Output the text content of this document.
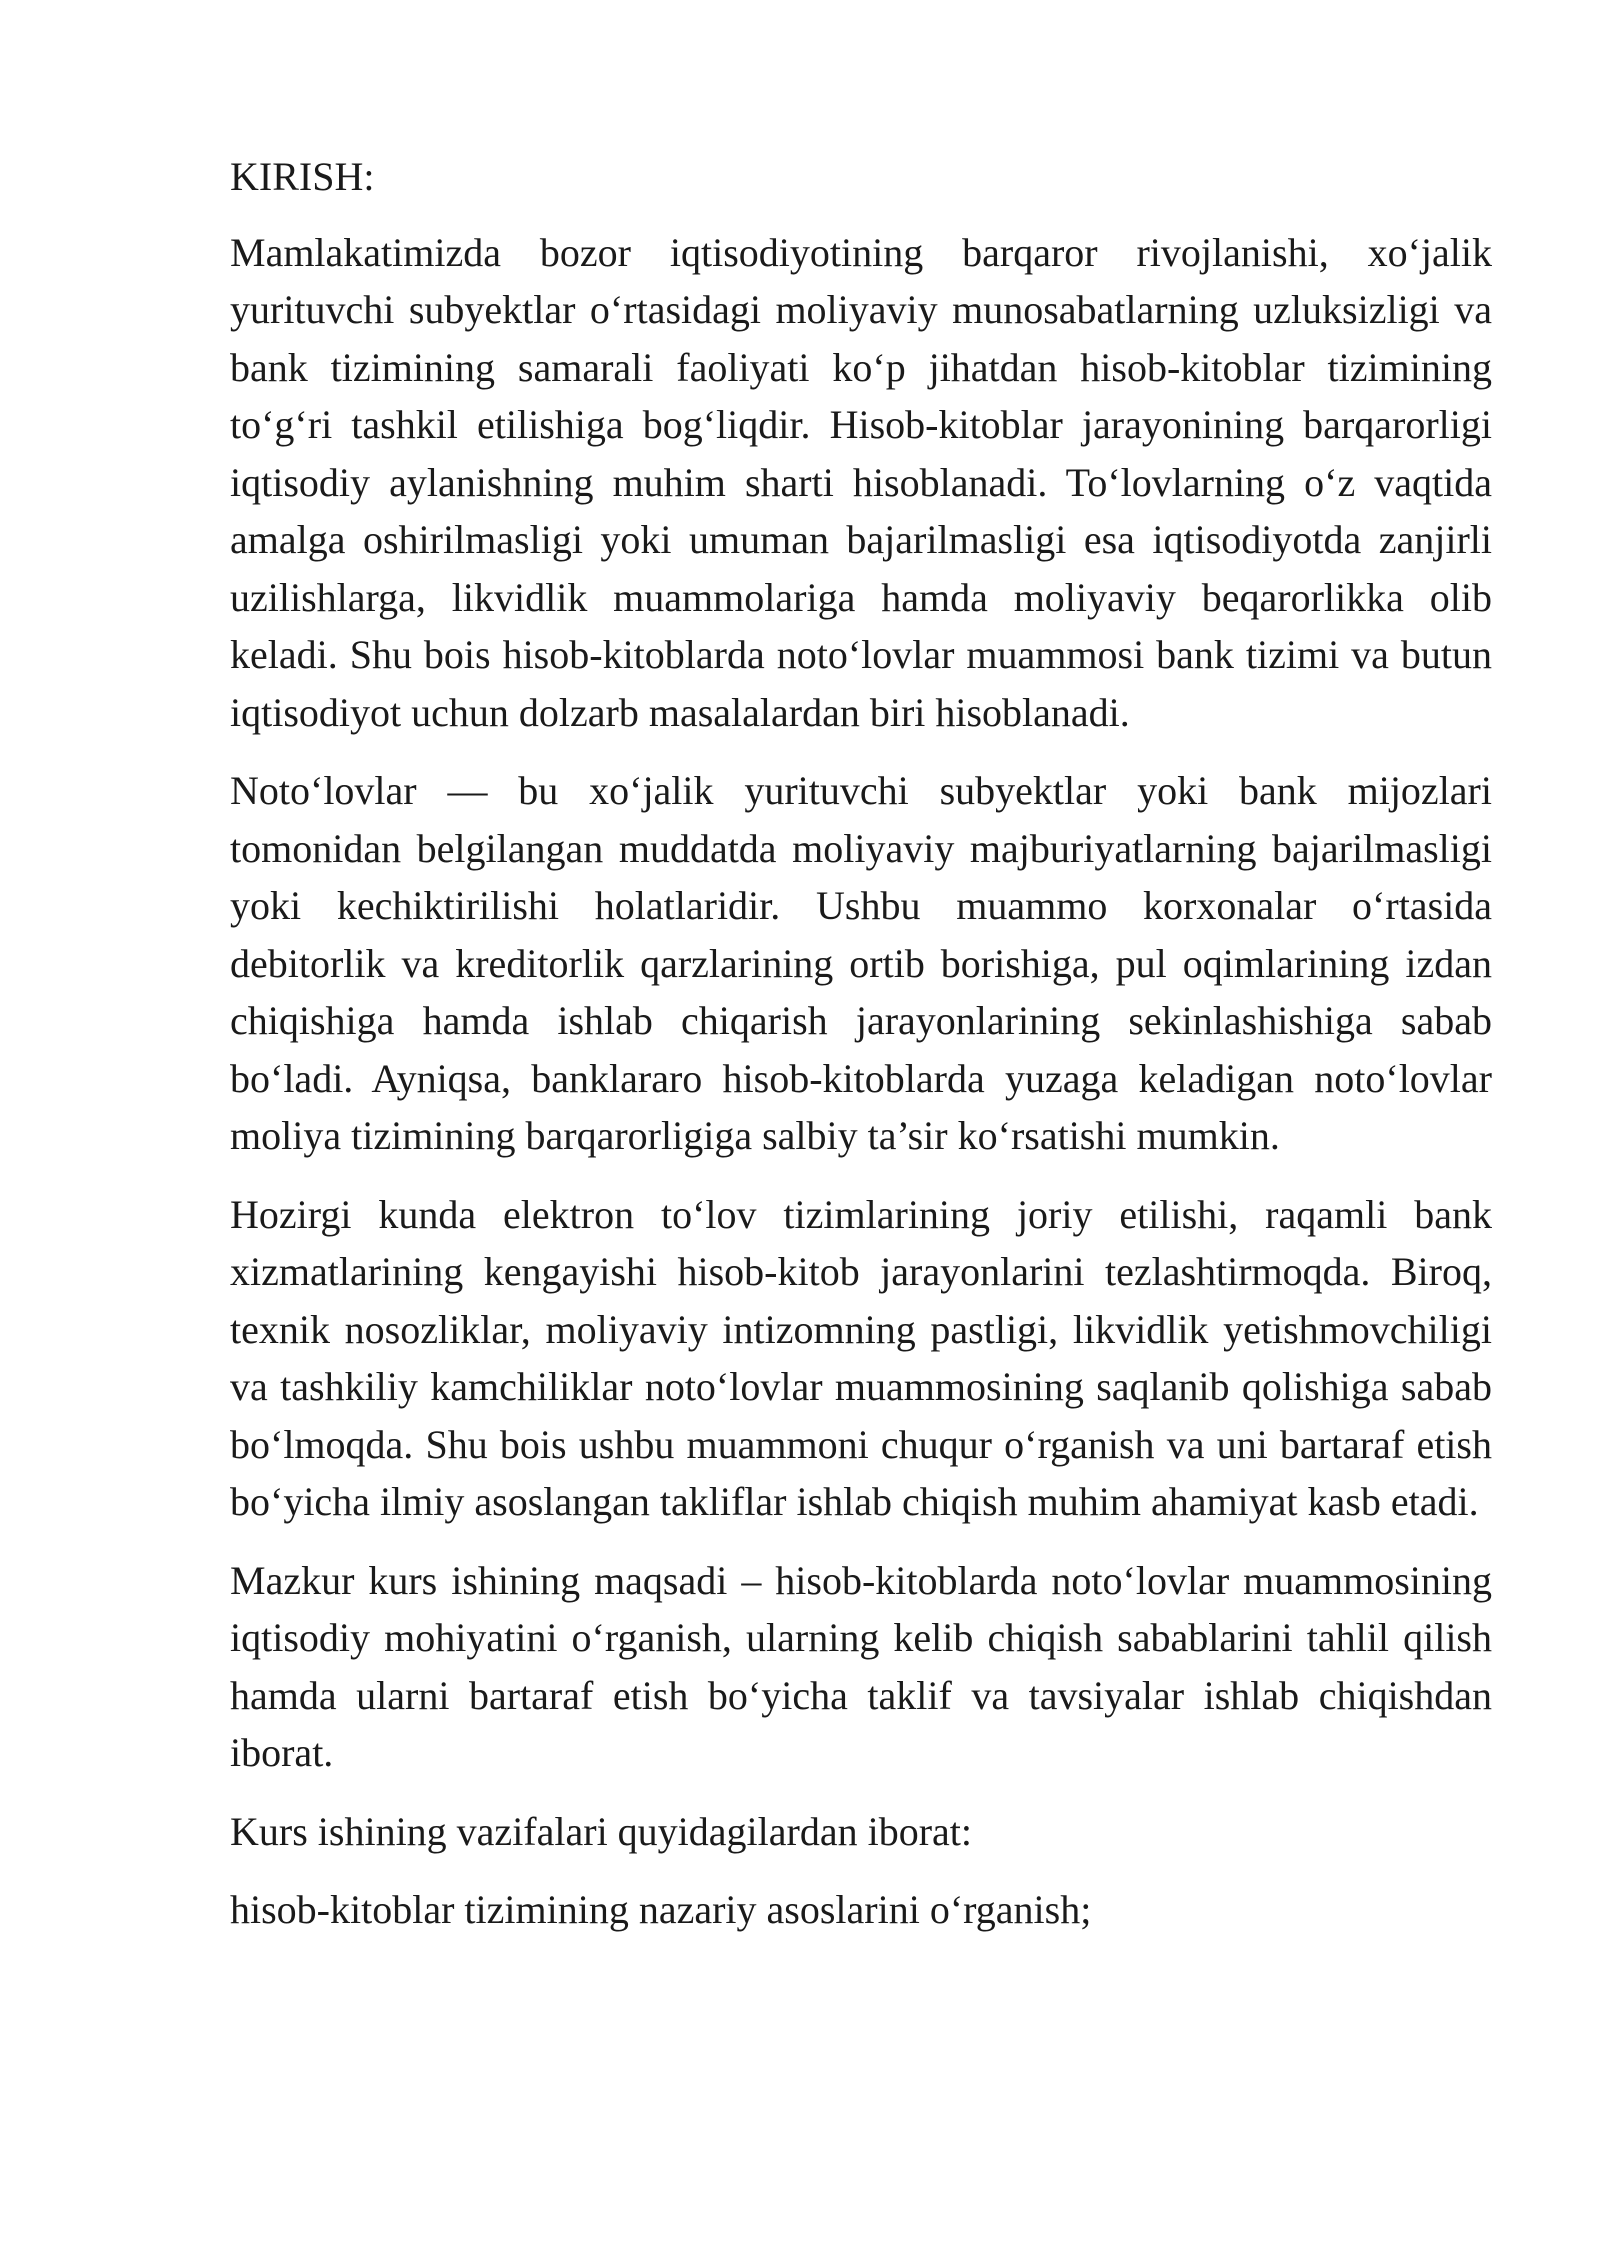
KIRISH:

Mamlakatimizda bozor iqtisodiyotining barqaror rivojlanishi, xo‘jalik yurituvchi subyektlar o‘rtasidagi moliyaviy munosabatlarning uzluksizligi va bank tizimining samarali faoliyati ko‘p jihatdan hisob-kitoblar tizimining to‘g‘ri tashkil etilishiga bog‘liqdir. Hisob-kitoblar jarayonining barqarorligi iqtisodiy aylanishning muhim sharti hisoblanadi. To‘lovlarning o‘z vaqtida amalga oshirilmasligi yoki umuman bajarilmasligi esa iqtisodiyotda zanjirli uzilishlarga, likvidlik muammolariga hamda moliyaviy beqarorlikka olib keladi. Shu bois hisob-kitoblarda noto‘lovlar muammosi bank tizimi va butun iqtisodiyot uchun dolzarb masalalardan biri hisoblanadi.

Noto‘lovlar — bu xo‘jalik yurituvchi subyektlar yoki bank mijozlari tomonidan belgilangan muddatda moliyaviy majburiyatlarning bajarilmasligi yoki kechiktirilishi holatlaridir. Ushbu muammo korxonalar o‘rtasida debitorlik va kreditorlik qarzlarining ortib borishiga, pul oqimlarining izdan chiqishiga hamda ishlab chiqarish jarayonlarining sekinlashishiga sabab bo‘ladi. Ayniqsa, banklararo hisob-kitoblarda yuzaga keladigan noto‘lovlar moliya tizimining barqarorligiga salbiy ta’sir ko‘rsatishi mumkin.

Hozirgi kunda elektron to‘lov tizimlarining joriy etilishi, raqamli bank xizmatlarining kengayishi hisob-kitob jarayonlarini tezlashtirmoqda. Biroq, texnik nosozliklar, moliyaviy intizomning pastligi, likvidlik yetishmovchiligi va tashkiliy kamchiliklar noto‘lovlar muammosining saqlanib qolishiga sabab bo‘lmoqda. Shu bois ushbu muammoni chuqur o‘rganish va uni bartaraf etish bo‘yicha ilmiy asoslangan takliflar ishlab chiqish muhim ahamiyat kasb etadi.

Mazkur kurs ishining maqsadi – hisob-kitoblarda noto‘lovlar muammosining iqtisodiy mohiyatini o‘rganish, ularning kelib chiqish sabablarini tahlil qilish hamda ularni bartaraf etish bo‘yicha taklif va tavsiyalar ishlab chiqishdan iborat.

Kurs ishining vazifalari quyidagilardan iborat:

hisob-kitoblar tizimining nazariy asoslarini o‘rganish;
